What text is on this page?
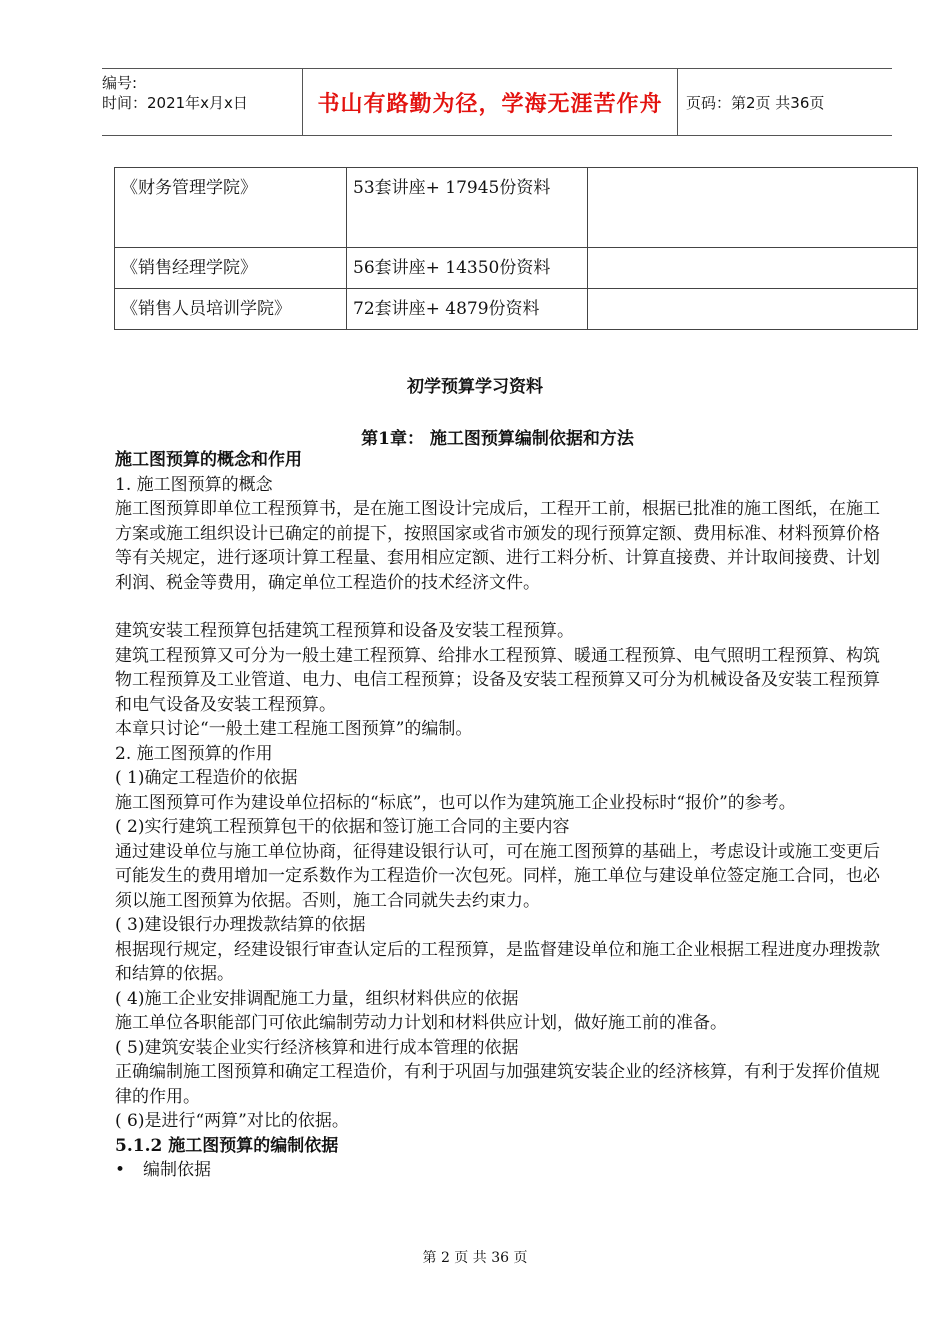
编号:
时间：2021年x月x日	书山有路勤为径，学海无涯苦作舟	页码：第2页 共36页
《财务管理学院》	53套讲座+ 17945份资料	
《销售经理学院》	56套讲座+ 14350份资料	
《销售人员培训学院》	72套讲座+ 4879份资料	
初学预算学习资料
第1章： 施工图预算编制依据和方法

施工图预算的概念和作用

1. 施工图预算的概念

施工图预算即单位工程预算书，是在施工图设计完成后，工程开工前，根据已批准的施工图纸，在施工方案或施工组织设计已确定的前提下，按照国家或省市颁发的现行预算定额、费用标准、材料预算价格等有关规定，进行逐项计算工程量、套用相应定额、进行工料分析、计算直接费、并计取间接费、计划利润、税金等费用，确定单位工程造价的技术经济文件。

建筑安装工程预算包括建筑工程预算和设备及安装工程预算。

建筑工程预算又可分为一般土建工程预算、给排水工程预算、暖通工程预算、电气照明工程预算、构筑物工程预算及工业管道、电力、电信工程预算；设备及安装工程预算又可分为机械设备及安装工程预算和电气设备及安装工程预算。

本章只讨论“一般土建工程施工图预算”的编制。

2. 施工图预算的作用

( 1)确定工程造价的依据

施工图预算可作为建设单位招标的“标底”，也可以作为建筑施工企业投标时“报价”的参考。

( 2)实行建筑工程预算包干的依据和签订施工合同的主要内容

通过建设单位与施工单位协商，征得建设银行认可，可在施工图预算的基础上，考虑设计或施工变更后可能发生的费用增加一定系数作为工程造价一次包死。同样，施工单位与建设单位签定施工合同，也必须以施工图预算为依据。否则，施工合同就失去约束力。

( 3)建设银行办理拨款结算的依据

根据现行规定，经建设银行审查认定后的工程预算，是监督建设单位和施工企业根据工程进度办理拨款和结算的依据。

( 4)施工企业安排调配施工力量，组织材料供应的依据

施工单位各职能部门可依此编制劳动力计划和材料供应计划，做好施工前的准备。

( 5)建筑安装企业实行经济核算和进行成本管理的依据

正确编制施工图预算和确定工程造价，有利于巩固与加强建筑安装企业的经济核算，有利于发挥价值规律的作用。

( 6)是进行“两算”对比的依据。

5.1.2 施工图预算的编制依据

•	编制依据
第 2 页 共 36 页
